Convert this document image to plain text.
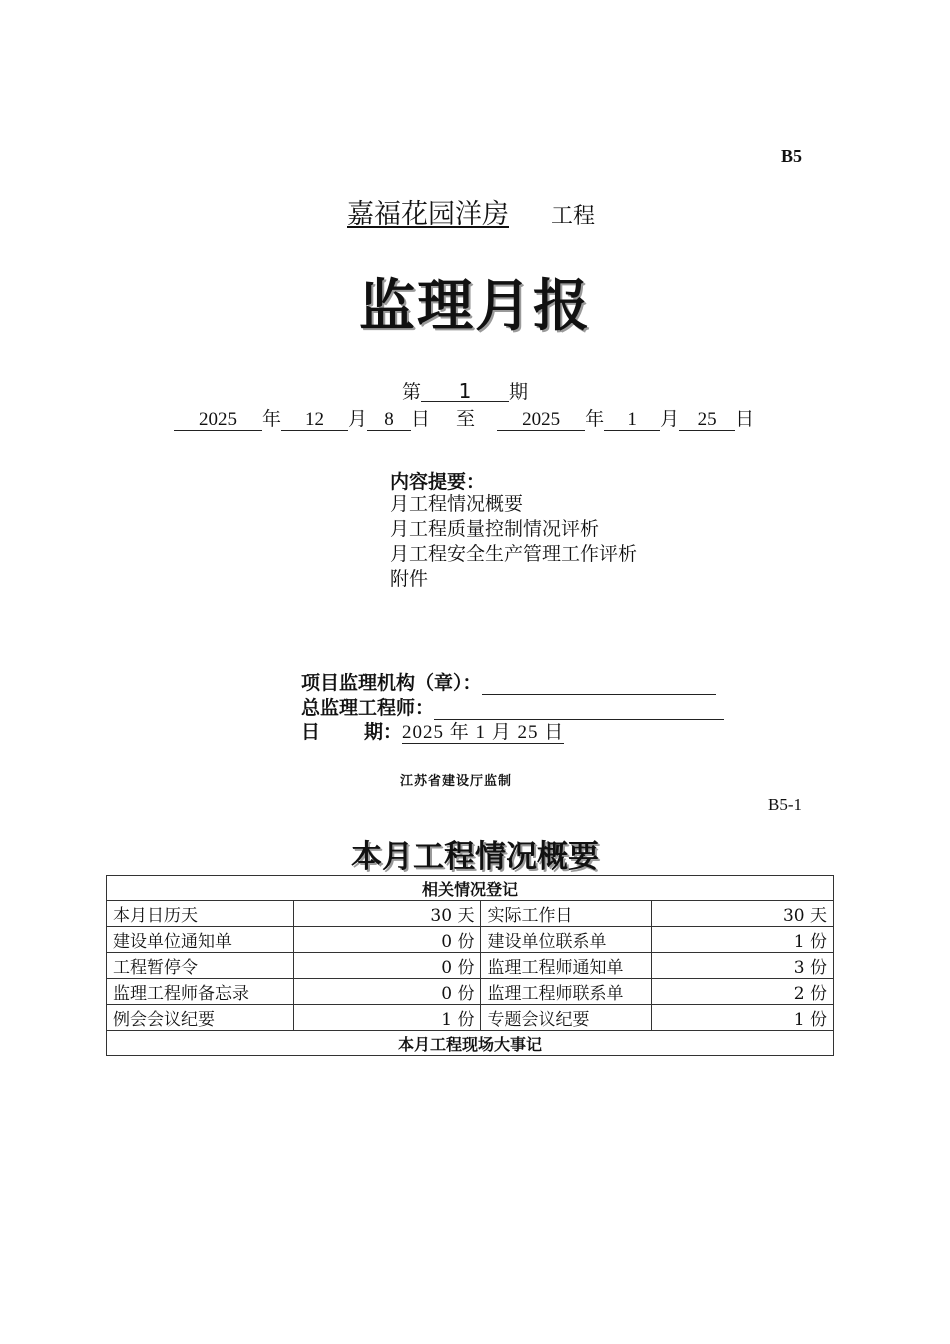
B5
嘉福花园洋房 工程
监理月报
第 1 期
2025 年 12 月 8 日 至 2025 年 1 月 25 日
内容提要：
月工程情况概要
月工程质量控制情况评析
月工程安全生产管理工作评析
附件
项目监理机构（章）：
总监理工程师：
日 期：2025 年 1 月 25 日
江苏省建设厅监制
B5-1
本月工程情况概要
相关情况登记			
本月日历天	30 天	实际工作日	30 天
建设单位通知单	0 份	建设单位联系单	1 份
工程暂停令	0 份	监理工程师通知单	3 份
监理工程师备忘录	0 份	监理工程师联系单	2 份
例会会议纪要	1 份	专题会议纪要	1 份
本月工程现场大事记			
